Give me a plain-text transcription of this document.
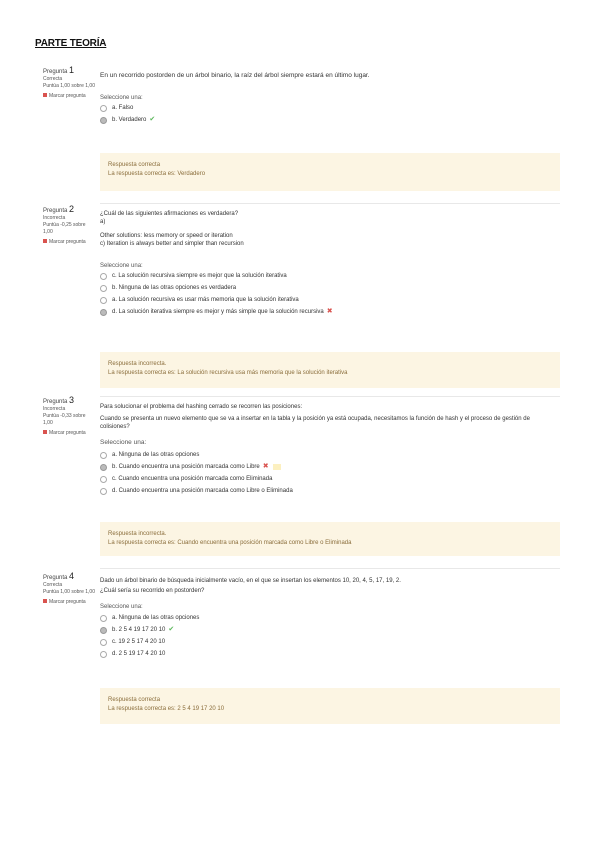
PARTE TEORÍA
Pregunta 1
Correcta
Puntúa 1,00 sobre 1,00
Marcar pregunta

En un recorrido postorden de un árbol binario, la raíz del árbol siempre estará en último lugar.

Seleccione una:
a. Falso
b. Verdadero ✔
Respuesta correcta
La respuesta correcta es: Verdadero
Pregunta 2
Incorrecta
Puntúa -0,25 sobre 1,00
Marcar pregunta
¿Cuál de las siguientes afirmaciones es verdadera?
a)
Other solutions: less memory or speed or iteration
c) Iteration is always better and simpler than recursion
Seleccione una:
c. La solución recursiva siempre es mejor que la solución iterativa
b. Ninguna de las otras opciones es verdadera
a. La solución recursiva es usar más memoria que la solución iterativa
d. La solución iterativa siempre es mejor y más simple que la solución recursiva ✖
Respuesta incorrecta.
La respuesta correcta es: La solución recursiva usa más memoria que la solución iterativa
Pregunta 3
Incorrecta
Puntúa -0,33 sobre 1,00
Marcar pregunta
Para solucionar el problema del hashing cerrado se recorren las posiciones:
Cuando se presenta un nuevo elemento que se va a insertar en la tabla y la posición ya está ocupada, necesitamos la función de hash y el proceso de gestión de colisiones?
Seleccione una:
a. Ninguna de las otras opciones
b. Cuando encuentra una posición marcada como Libre ✖
c. Cuando encuentra una posición marcada como Eliminada
d. Cuando encuentra una posición marcada como Libre o Eliminada
Respuesta incorrecta.
La respuesta correcta es: Cuando encuentra una posición marcada como Libre o Eliminada
Pregunta 4
Correcta
Puntúa 1,00 sobre 1,00
Marcar pregunta
Dado un árbol binario de búsqueda inicialmente vacío, en el que se insertan los elementos 10, 20, 4, 5, 17, 19, 2.
¿Cuál sería su recorrido en postorden?
Seleccione una:
a. Ninguna de las otras opciones
b. 2 5 4 19 17 20 10 ✔
c. 19 2 5 17 4 20 10
d. 2 5 19 17 4 20 10
Respuesta correcta
La respuesta correcta es: 2 5 4 19 17 20 10
